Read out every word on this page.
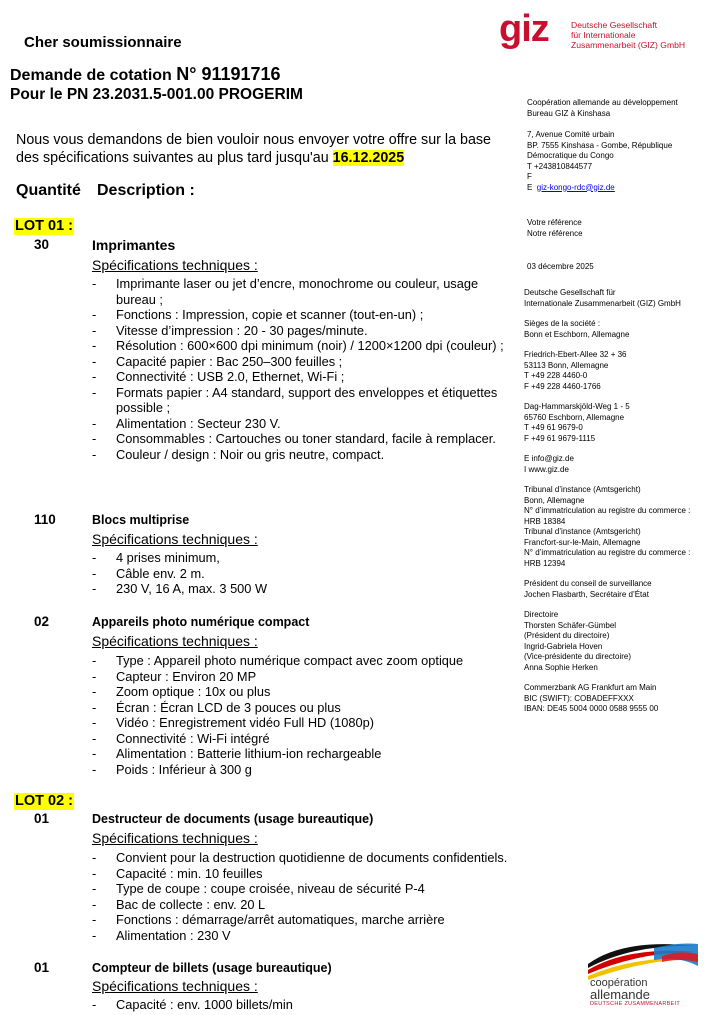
Cher soumissionnaire
Demande de cotation N° 91191716
Pour le PN 23.2031.5-001.00 PROGERIM
giz	Deutsche Gesellschaft
für Internationale
Zusammenarbeit (GIZ) GmbH
Nous vous demandons de bien vouloir nous envoyer votre offre sur la base des spécifications suivantes au plus tard jusqu'au 16.12.2025
Quantité Description :
LOT 01 :
30	Imprimantes
Spécifications techniques :
- Imprimante laser ou jet d’encre, monochrome ou couleur, usage bureau ;
- Fonctions : Impression, copie et scanner (tout-en-un) ;
- Vitesse d’impression : 20 - 30 pages/minute.
- Résolution : 600×600 dpi minimum (noir) / 1200×1200 dpi (couleur) ;
- Capacité papier : Bac 250–300 feuilles ;
- Connectivité : USB 2.0, Ethernet, Wi-Fi ;
- Formats papier : A4 standard, support des enveloppes et étiquettes possible ;
- Alimentation : Secteur 230 V.
- Consommables : Cartouches ou toner standard, facile à remplacer.
- Couleur / design : Noir ou gris neutre, compact.
110	Blocs multiprise
Spécifications techniques :
- 4 prises minimum,
- Câble env. 2 m.
- 230 V, 16 A, max. 3 500 W
02	Appareils photo numérique compact
Spécifications techniques :
- Type : Appareil photo numérique compact avec zoom optique
- Capteur : Environ 20 MP
- Zoom optique : 10x ou plus
- Écran : Écran LCD de 3 pouces ou plus
- Vidéo : Enregistrement vidéo Full HD (1080p)
- Connectivité : Wi-Fi intégré
- Alimentation : Batterie lithium-ion rechargeable
- Poids : Inférieur à 300 g
LOT 02 :
01	Destructeur de documents (usage bureautique)
Spécifications techniques :
- Convient pour la destruction quotidienne de documents confidentiels.
- Capacité : min. 10 feuilles
- Type de coupe : coupe croisée, niveau de sécurité P-4
- Bac de collecte : env. 20 L
- Fonctions : démarrage/arrêt automatiques, marche arrière
- Alimentation : 230 V
01	Compteur de billets (usage bureautique)
Spécifications techniques :
- Capacité : env. 1000 billets/min
Coopération allemande au développement
Bureau GIZ à Kinshasa
7, Avenue Comité urbain
BP. 7555 Kinshasa - Gombe, République
Démocratique du Congo
T +243810844577
F
E giz-kongo-rdc@giz.de
Votre référence
Notre référence
03 décembre 2025
Deutsche Gesellschaft für
Internationale Zusammenarbeit (GIZ) GmbH
Sièges de la société :
Bonn et Eschborn, Allemagne
Friedrich-Ebert-Allee 32 + 36
53113 Bonn, Allemagne
T +49 228 4460-0
F +49 228 4460-1766
Dag-Hammarskjöld-Weg 1 - 5
65760 Eschborn, Allemagne
T +49 61 9679-0
F +49 61 9679-1115
E info@giz.de
I www.giz.de
Tribunal d’instance (Amtsgericht)
Bonn, Allemagne
N° d’immatriculation au registre du commerce :
HRB 18384
Tribunal d’instance (Amtsgericht)
Francfort-sur-le-Main, Allemagne
N° d’immatriculation au registre du commerce :
HRB 12394
Président du conseil de surveillance
Jochen Flasbarth, Secrétaire d’État
Directoire
Thorsten Schäfer-Gümbel
(Président du directoire)
Ingrid-Gabriela Hoven
(Vice-présidente du directoire)
Anna Sophie Herken
Commerzbank AG Frankfurt am Main
BIC (SWIFT): COBADEFFXXX
IBAN: DE45 5004 0000 0588 9555 00
coopération
allemande
DEUTSCHE ZUSAMMENARBEIT
